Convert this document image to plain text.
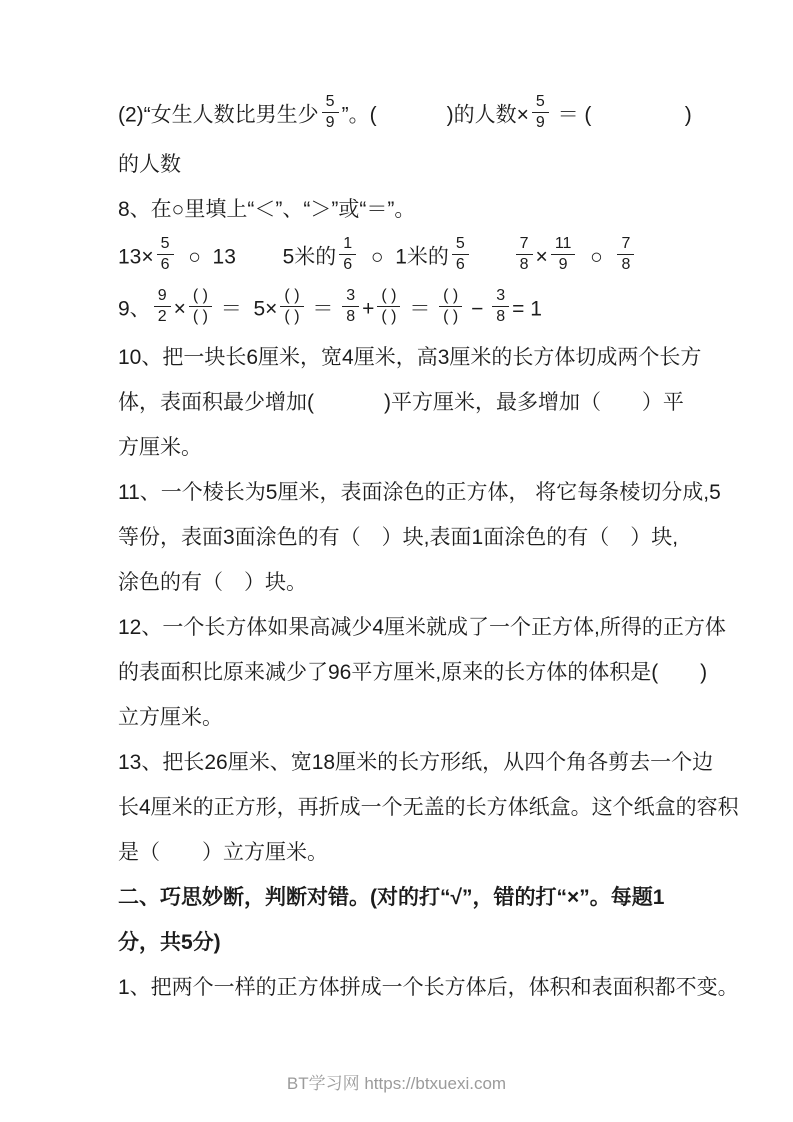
(2)“女生人数比男生少 $\frac{5}{9}$ ”。(            )的人数× $\frac{5}{9}$ ＝ (                )
的人数
8、在○里填上“＜”、“＞”或“＝”。
$13\times \frac{5}{6}$ ○  13        5米的 $\frac{1}{6}$ ○  1米的 $\frac{5}{6}$
	$\frac{7}{8} \times \frac{11}{9}$ ○ $\frac{7}{8}$
9、 $\frac{9}{2} \times \frac{( )}{( )} = 5\times \frac{( )}{( )} = \frac{3}{8} + \frac{( )}{( )} = \frac{( )}{( )} - \frac{3}{8} = 1$
10、把一块长6厘米，宽4厘米，高3厘米的长方体切成两个长方
体，表面积最少增加(            )平方厘米，最多增加（       ）平
方厘米。
11、一个棱长为5厘米，表面涂色的正方体， 将它每条棱切分成,5
等份，表面3面涂色的有（　）块,表面1面涂色的有（　）块,
涂色的有（　）块。
12、一个长方体如果高减少4厘米就成了一个正方体,所得的正方体
的表面积比原来减少了96平方厘米,原来的长方体的体积是(　　)
立方厘米。
13、把长26厘米、宽18厘米的长方形纸，从四个角各剪去一个边
长4厘米的正方形，再折成一个无盖的长方体纸盒。这个纸盒的容积
是（　　）立方厘米。
二、巧思妙断，判断对错。(对的打“√”，错的打“×”。每题1
分，共5分)
1、把两个一样的正方体拼成一个长方体后，体积和表面积都不变。
BT学习网 https://btxuexi.com
